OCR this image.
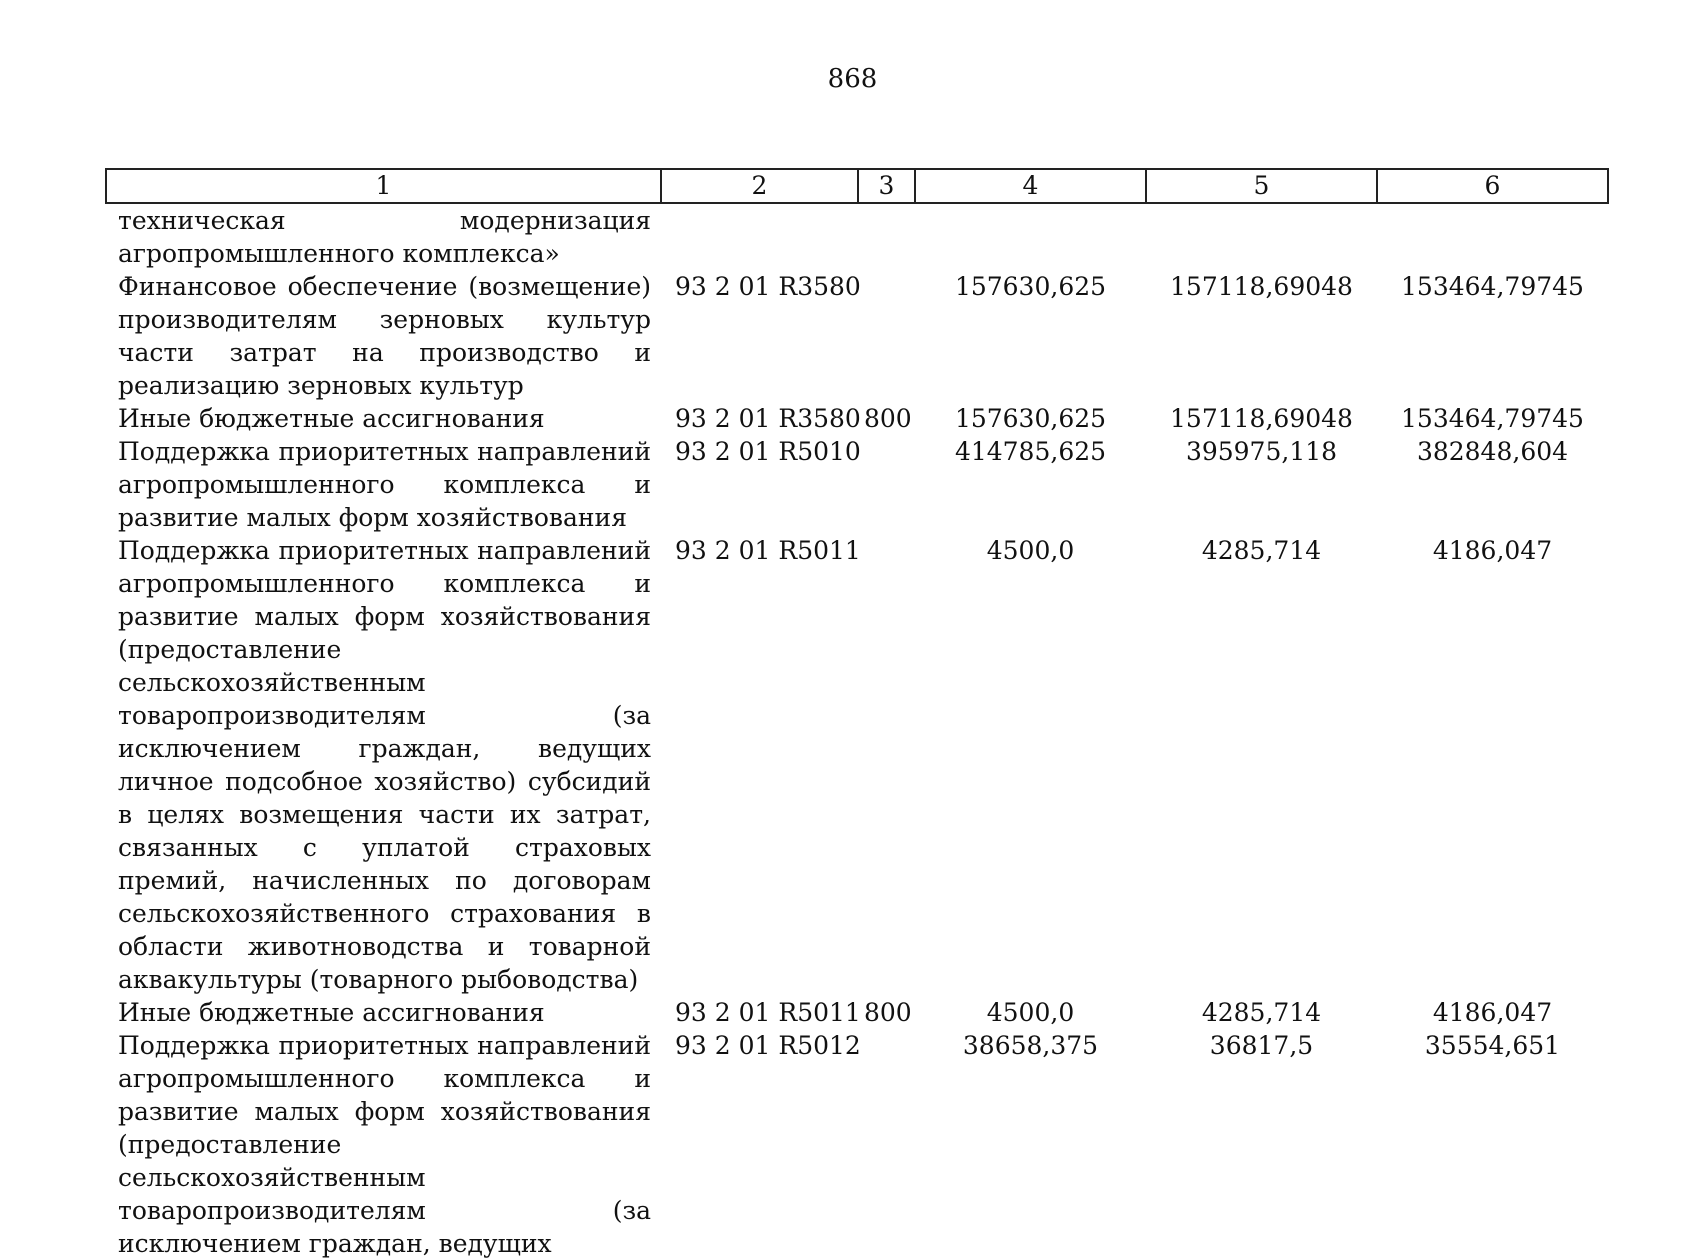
868
1	2	3	4	5	6
техническая модернизация агропромышленного комплекса»					
Финансовое обеспечение (возмещение) производителям зерновых культур части затрат на производство и реализацию зерновых культур	93 2 01 R3580		157630,625	157118,69048	153464,79745
Иные бюджетные ассигнования	93 2 01 R3580	800	157630,625	157118,69048	153464,79745
Поддержка приоритетных направлений агропромышленного комплекса и развитие малых форм хозяйствования	93 2 01 R5010		414785,625	395975,118	382848,604
Поддержка приоритетных направлений агропромышленного комплекса и развитие малых форм хозяйствования (предоставление сельскохозяйственным товаропроизводителям (за исключением граждан, ведущих личное подсобное хозяйство) субсидий в целях возмещения части их затрат, связанных с уплатой страховых премий, начисленных по договорам сельскохозяйственного страхования в области животноводства и товарной аквакультуры (товарного рыбоводства)	93 2 01 R5011		4500,0	4285,714	4186,047
Иные бюджетные ассигнования	93 2 01 R5011	800	4500,0	4285,714	4186,047
Поддержка приоритетных направлений агропромышленного комплекса и развитие малых форм хозяйствования (предоставление сельскохозяйственным товаропроизводителям (за исключением граждан, ведущих	93 2 01 R5012		38658,375	36817,5	35554,651
